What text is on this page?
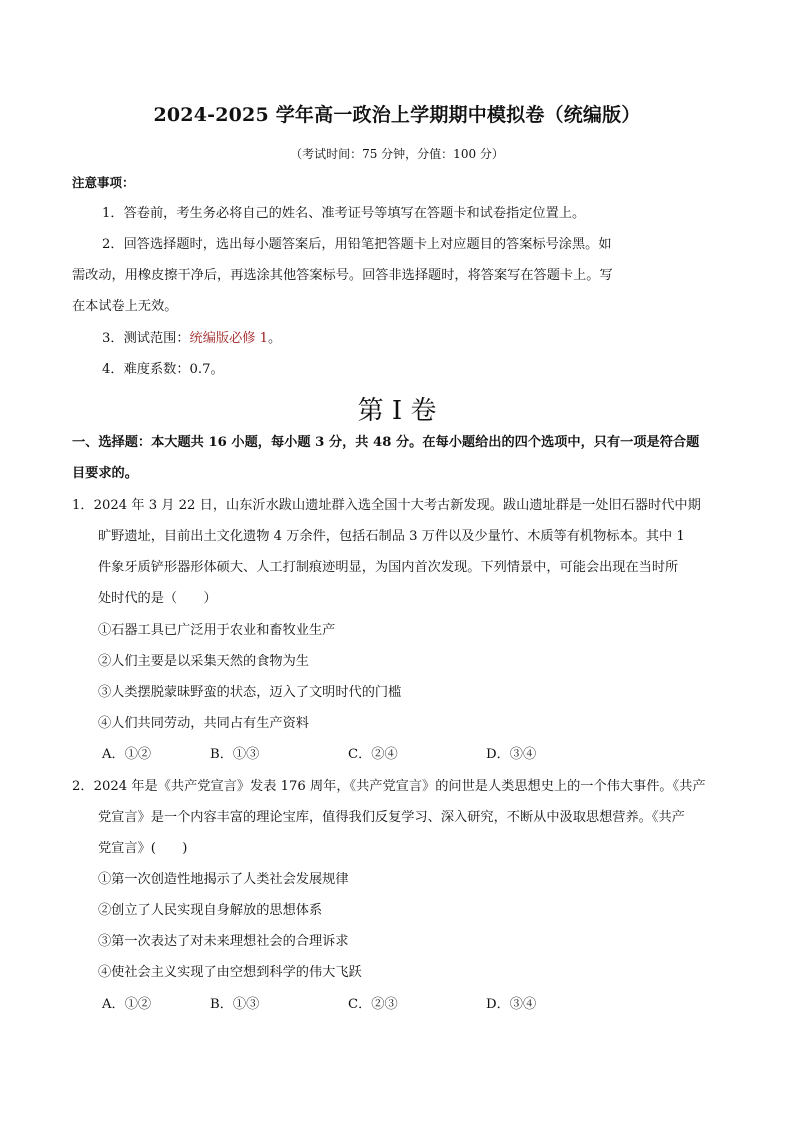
2024-2025 学年高一政治上学期期中模拟卷（统编版）
（考试时间：75 分钟，分值：100 分）
注意事项：
1．答卷前，考生务必将自己的姓名、准考证号等填写在答题卡和试卷指定位置上。
2．回答选择题时，选出每小题答案后，用铅笔把答题卡上对应题目的答案标号涂黑。如
需改动，用橡皮擦干净后，再选涂其他答案标号。回答非选择题时，将答案写在答题卡上。写
在本试卷上无效。
3．测试范围：统编版必修 1。
4．难度系数：0.7。
第 I 卷
一、选择题：本大题共 16 小题，每小题 3 分，共 48 分。在每小题给出的四个选项中，只有一项是符合题
目要求的。
1．2024 年 3 月 22 日，山东沂水跋山遗址群入选全国十大考古新发现。跋山遗址群是一处旧石器时代中期
旷野遗址，目前出土文化遗物 4 万余件，包括石制品 3 万件以及少量竹、木质等有机物标本。其中 1
件象牙质铲形器形体硕大、人工打制痕迹明显，为国内首次发现。下列情景中，可能会出现在当时所
处时代的是（　　）
①石器工具已广泛用于农业和畜牧业生产
②人们主要是以采集天然的食物为生
③人类摆脱蒙昧野蛮的状态，迈入了文明时代的门槛
④人们共同劳动，共同占有生产资料
A．①②	B．①③	C．②④	D．③④
2．2024 年是《共产党宣言》发表 176 周年，《共产党宣言》的问世是人类思想史上的一个伟大事件。《共产
党宣言》是一个内容丰富的理论宝库，值得我们反复学习、深入研究，不断从中汲取思想营养。《共产
党宣言》(　　)
①第一次创造性地揭示了人类社会发展规律
②创立了人民实现自身解放的思想体系
③第一次表达了对未来理想社会的合理诉求
④使社会主义实现了由空想到科学的伟大飞跃
A．①②	B．①③	C．②③	D．③④
